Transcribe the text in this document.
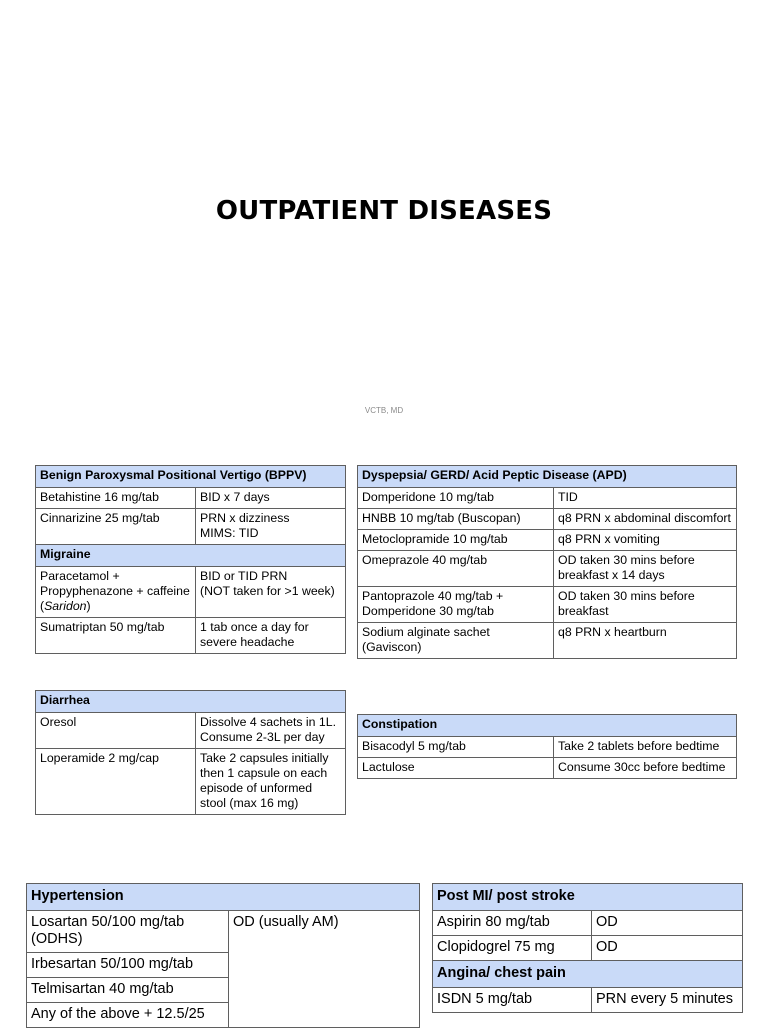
OUTPATIENT DISEASES
VCTB, MD
Benign Paroxysmal Positional Vertigo (BPPV)	
Betahistine 16 mg/tab	BID x 7 days
Cinnarizine 25 mg/tab	PRN x dizziness
MIMS: TID
Migraine	
Paracetamol + Propyphenazone + caffeine (Saridon)	BID or TID PRN
(NOT taken for >1 week)
Sumatriptan 50 mg/tab	1 tab once a day for severe headache
Diarrhea	
Oresol	Dissolve 4 sachets in 1L. Consume 2-3L per day
Loperamide 2 mg/cap	Take 2 capsules initially then 1 capsule on each episode of unformed stool (max 16 mg)
Dyspepsia/ GERD/ Acid Peptic Disease (APD)	
Domperidone 10 mg/tab	TID
HNBB 10 mg/tab (Buscopan)	q8 PRN x abdominal discomfort
Metoclopramide 10 mg/tab	q8 PRN x vomiting
Omeprazole 40 mg/tab	OD taken 30 mins before breakfast x 14 days
Pantoprazole 40 mg/tab + Domperidone 30 mg/tab	OD taken 30 mins before breakfast
Sodium alginate sachet (Gaviscon)	q8 PRN x heartburn
Constipation	
Bisacodyl 5 mg/tab	Take 2 tablets before bedtime
Lactulose	Consume 30cc before bedtime
Hypertension
Losartan 50/100 mg/tab (ODHS)	OD (usually AM)
Irbesartan 50/100 mg/tab
Telmisartan 40 mg/tab
Any of the above + 12.5/25
Post MI/ post stroke	
Aspirin 80 mg/tab	OD
Clopidogrel 75 mg	OD
Angina/ chest pain	
ISDN 5 mg/tab	PRN every 5 minutes
